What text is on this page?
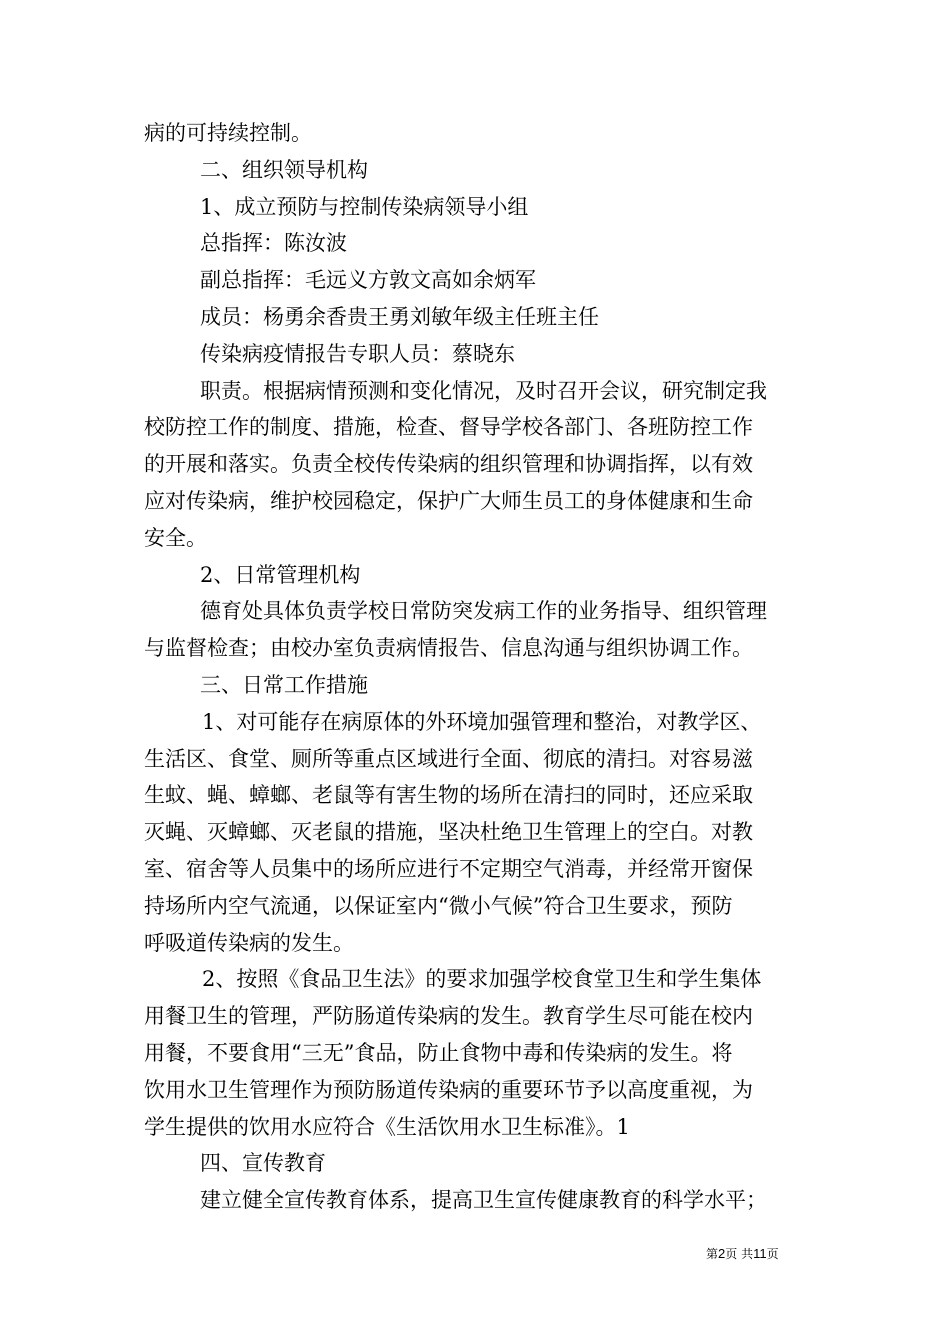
病的可持续控制。
二、组织领导机构
1、成立预防与控制传染病领导小组
总指挥：陈汝波
副总指挥：毛远义方敦文高如余炳军
成员：杨勇余香贵王勇刘敏年级主任班主任
传染病疫情报告专职人员：蔡晓东
职责。根据病情预测和变化情况，及时召开会议，研究制定我
校防控工作的制度、措施，检查、督导学校各部门、各班防控工作
的开展和落实。负责全校传传染病的组织管理和协调指挥，以有效
应对传染病，维护校园稳定，保护广大师生员工的身体健康和生命
安全。
2、日常管理机构
德育处具体负责学校日常防突发病工作的业务指导、组织管理
与监督检查；由校办室负责病情报告、信息沟通与组织协调工作。
三、日常工作措施
1、对可能存在病原体的外环境加强管理和整治，对教学区、
生活区、食堂、厕所等重点区域进行全面、彻底的清扫。对容易滋
生蚊、蝇、蟑螂、老鼠等有害生物的场所在清扫的同时，还应采取
灭蝇、灭蟑螂、灭老鼠的措施，坚决杜绝卫生管理上的空白。对教
室、宿舍等人员集中的场所应进行不定期空气消毒，并经常开窗保
持场所内空气流通，以保证室内“微小气候”符合卫生要求，预防
呼吸道传染病的发生。
2、按照《食品卫生法》的要求加强学校食堂卫生和学生集体
用餐卫生的管理，严防肠道传染病的发生。教育学生尽可能在校内
用餐，不要食用“三无”食品，防止食物中毒和传染病的发生。将
饮用水卫生管理作为预防肠道传染病的重要环节予以高度重视，为
学生提供的饮用水应符合《生活饮用水卫生标准》。1
四、宣传教育
建立健全宣传教育体系，提高卫生宣传健康教育的科学水平；
第2页 共11页
